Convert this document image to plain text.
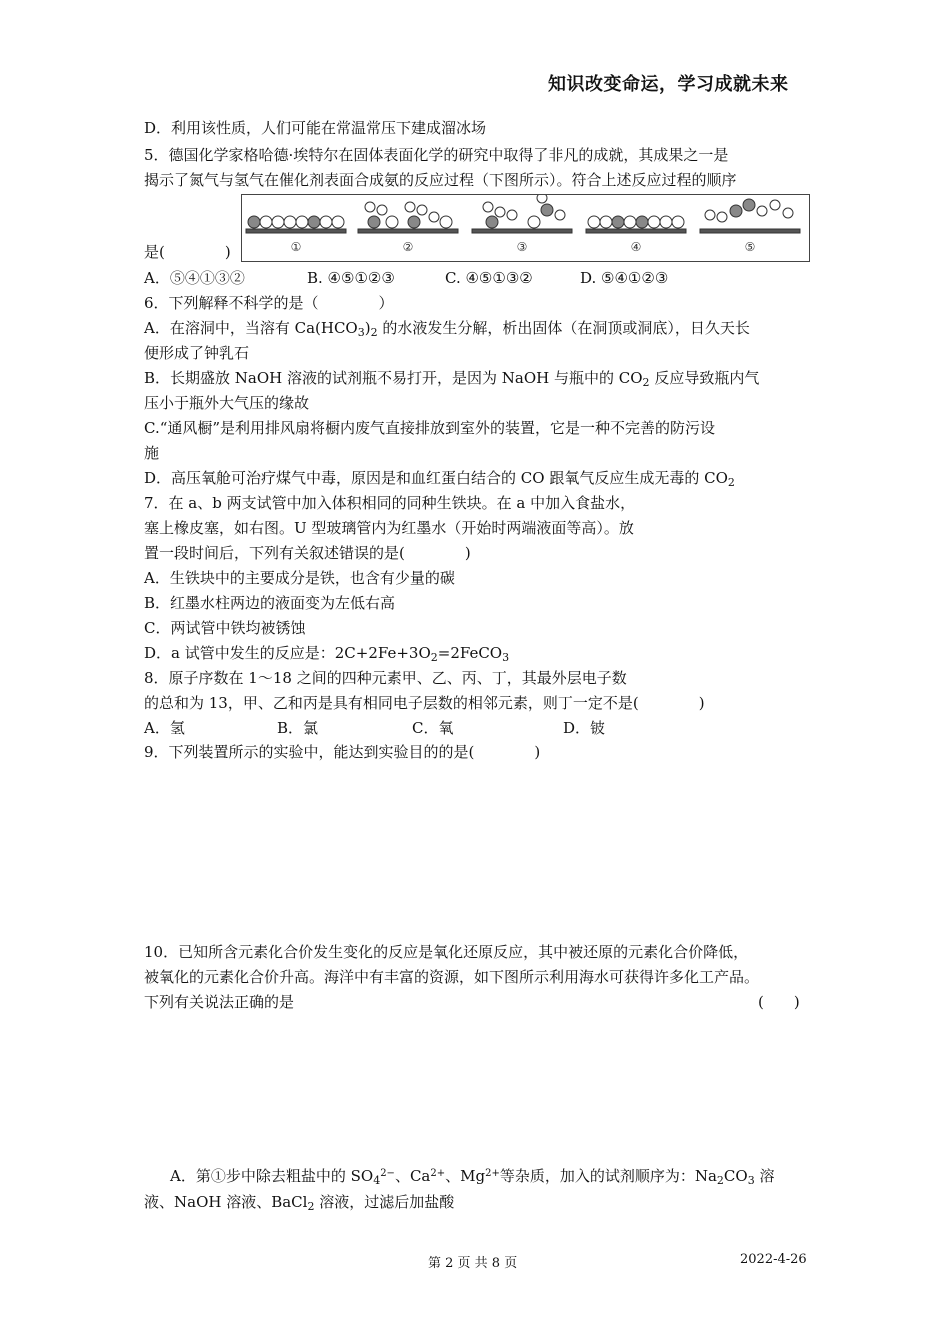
知识改变命运，学习成就未来
D．利用该性质，人们可能在常温常压下建成溜冰场
5．德国化学家格哈德·埃特尔在固体表面化学的研究中取得了非凡的成就，其成果之一是
揭示了氮气与氢气在催化剂表面合成氨的反应过程（下图所示）。符合上述反应过程的顺序
①	②	③	④	⑤
是(　　　　)
A．⑤④①③②	B. ④⑤①②③	C. ④⑤①③②	D. ⑤④①②③
6．下列解释不科学的是（　　　　）
A．在溶洞中，当溶有 $Ca(HCO_3)_2$ 的水液发生分解，析出固体（在洞顶或洞底），日久天长
便形成了钟乳石
B．长期盛放 NaOH 溶液的试剂瓶不易打开，是因为 NaOH 与瓶中的 $CO_2$ 反应导致瓶内气
压小于瓶外大气压的缘故
C.“通风橱”是利用排风扇将橱内废气直接排放到室外的装置，它是一种不完善的防污设
施
D．高压氧舱可治疗煤气中毒，原因是和血红蛋白结合的 CO 跟氧气反应生成无毒的 $CO_2$
7．在 a、b 两支试管中加入体积相同的同种生铁块。在 a 中加入食盐水，
塞上橡皮塞，如右图。U 型玻璃管内为红墨水（开始时两端液面等高）。放
置一段时间后，下列有关叙述错误的是(　　　　)
A．生铁块中的主要成分是铁，也含有少量的碳
B．红墨水柱两边的液面变为左低右高
C．两试管中铁均被锈蚀
D．a 试管中发生的反应是：$2C+2Fe+3O_2=2FeCO_3$
8．原子序数在 1～18 之间的四种元素甲、乙、丙、丁，其最外层电子数
的总和为 13，甲、乙和丙是具有相同电子层数的相邻元素，则丁一定不是(　　　　)
A．氢	B．氯	C．氧	D．铍
9．下列装置所示的实验中，能达到实验目的的是(　　　　)
10．已知所含元素化合价发生变化的反应是氧化还原反应，其中被还原的元素化合价降低，
被氧化的元素化合价升高。海洋中有丰富的资源，如下图所示利用海水可获得许多化工产品。
下列有关说法正确的是	(　　)
A．第①步中除去粗盐中的 $SO_4^{2-}$、$Ca^{2+}$、$Mg^{2+}$等杂质，加入的试剂顺序为：$Na_2CO_3$ 溶
液、NaOH 溶液、BaCl$_2$ 溶液，过滤后加盐酸
第 2 页 共 8 页	2022-4-26
